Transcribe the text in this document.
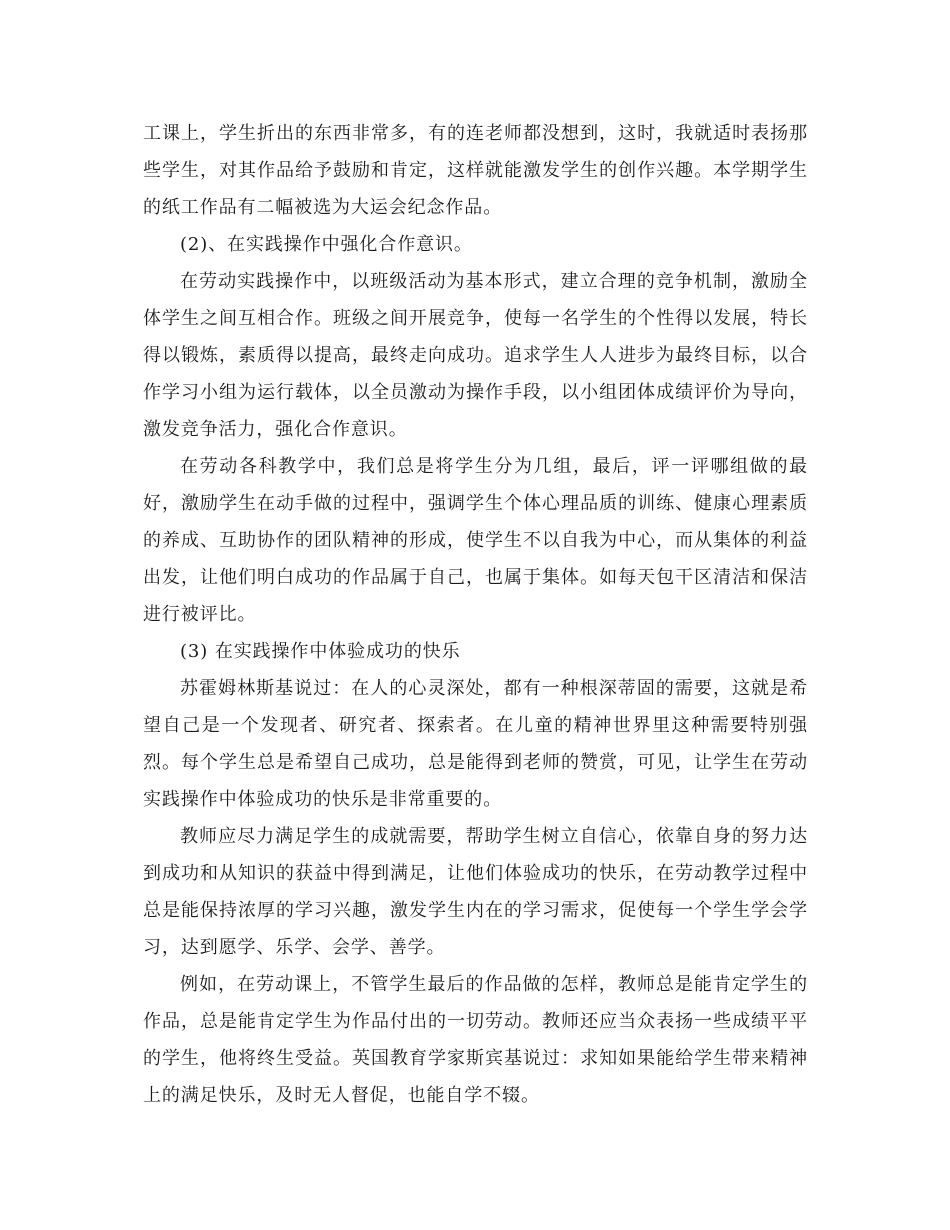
工课上，学生折出的东西非常多，有的连老师都没想到，这时，我就适时表扬那些学生，对其作品给予鼓励和肯定，这样就能激发学生的创作兴趣。本学期学生的纸工作品有二幅被选为大运会纪念作品。

(2)、在实践操作中强化合作意识。

在劳动实践操作中，以班级活动为基本形式，建立合理的竞争机制，激励全体学生之间互相合作。班级之间开展竞争，使每一名学生的个性得以发展，特长得以锻炼，素质得以提高，最终走向成功。追求学生人人进步为最终目标，以合作学习小组为运行载体，以全员激动为操作手段，以小组团体成绩评价为导向，激发竞争活力，强化合作意识。

在劳动各科教学中，我们总是将学生分为几组，最后，评一评哪组做的最好，激励学生在动手做的过程中，强调学生个体心理品质的训练、健康心理素质的养成、互助协作的团队精神的形成，使学生不以自我为中心，而从集体的利益出发，让他们明白成功的作品属于自己，也属于集体。如每天包干区清洁和保洁进行被评比。

(3) 在实践操作中体验成功的快乐

苏霍姆林斯基说过：在人的心灵深处，都有一种根深蒂固的需要，这就是希望自己是一个发现者、研究者、探索者。在儿童的精神世界里这种需要特别强烈。每个学生总是希望自己成功，总是能得到老师的赞赏，可见，让学生在劳动实践操作中体验成功的快乐是非常重要的。

教师应尽力满足学生的成就需要，帮助学生树立自信心，依靠自身的努力达到成功和从知识的获益中得到满足，让他们体验成功的快乐，在劳动教学过程中总是能保持浓厚的学习兴趣，激发学生内在的学习需求，促使每一个学生学会学习，达到愿学、乐学、会学、善学。

例如，在劳动课上，不管学生最后的作品做的怎样，教师总是能肯定学生的作品，总是能肯定学生为作品付出的一切劳动。教师还应当众表扬一些成绩平平的学生，他将终生受益。英国教育学家斯宾基说过：求知如果能给学生带来精神上的满足快乐，及时无人督促，也能自学不辍。
